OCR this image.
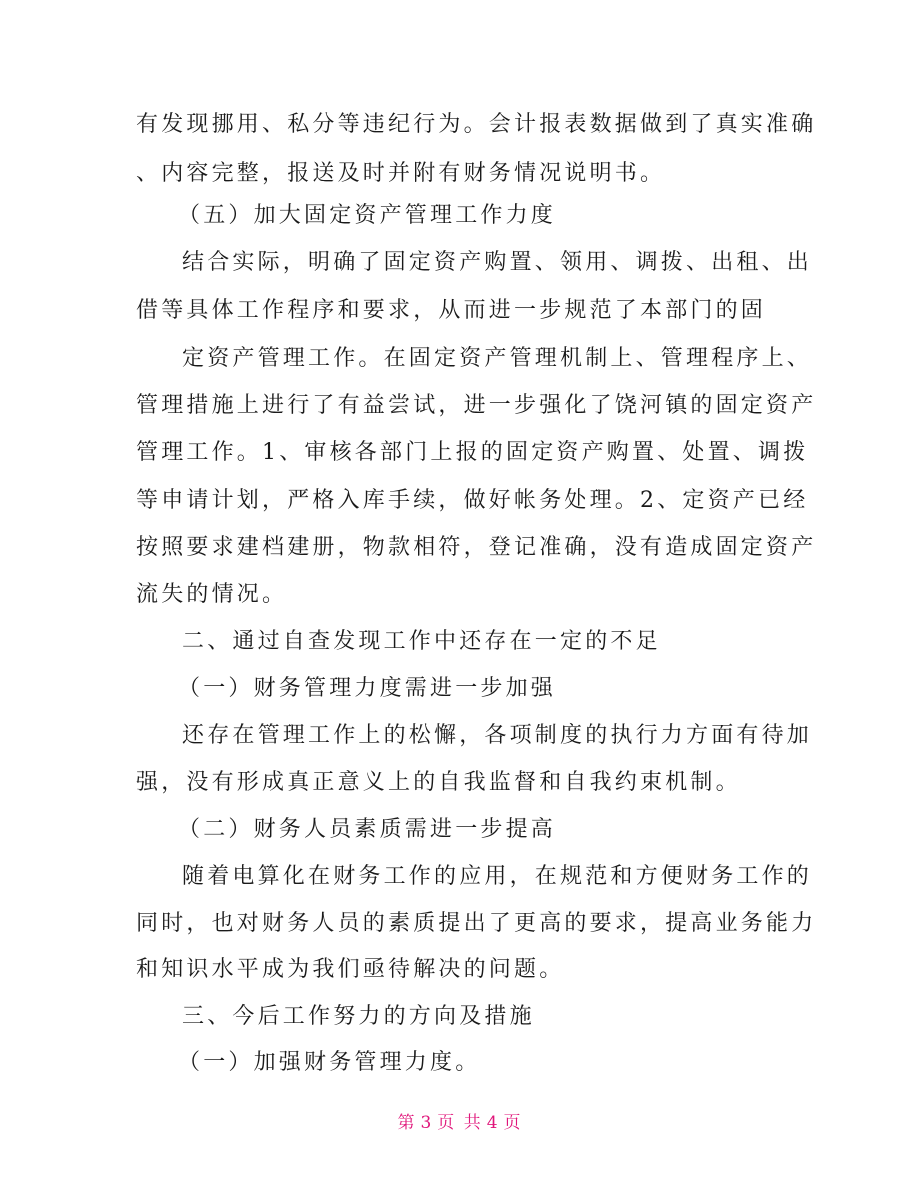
有发现挪用、私分等违纪行为。会计报表数据做到了真实准确
、内容完整，报送及时并附有财务情况说明书。
（五）加大固定资产管理工作力度
结合实际，明确了固定资产购置、领用、调拨、出租、出
借等具体工作程序和要求，从而进一步规范了本部门的固
定资产管理工作。在固定资产管理机制上、管理程序上、
管理措施上进行了有益尝试，进一步强化了饶河镇的固定资产
管理工作。1、审核各部门上报的固定资产购置、处置、调拨
等申请计划，严格入库手续，做好帐务处理。2、定资产已经
按照要求建档建册，物款相符，登记准确，没有造成固定资产
流失的情况。
二、通过自查发现工作中还存在一定的不足
（一）财务管理力度需进一步加强
还存在管理工作上的松懈，各项制度的执行力方面有待加
强，没有形成真正意义上的自我监督和自我约束机制。
（二）财务人员素质需进一步提高
随着电算化在财务工作的应用，在规范和方便财务工作的
同时，也对财务人员的素质提出了更高的要求，提高业务能力
和知识水平成为我们亟待解决的问题。
三、今后工作努力的方向及措施
（一）加强财务管理力度。
第 3 页 共 4 页
